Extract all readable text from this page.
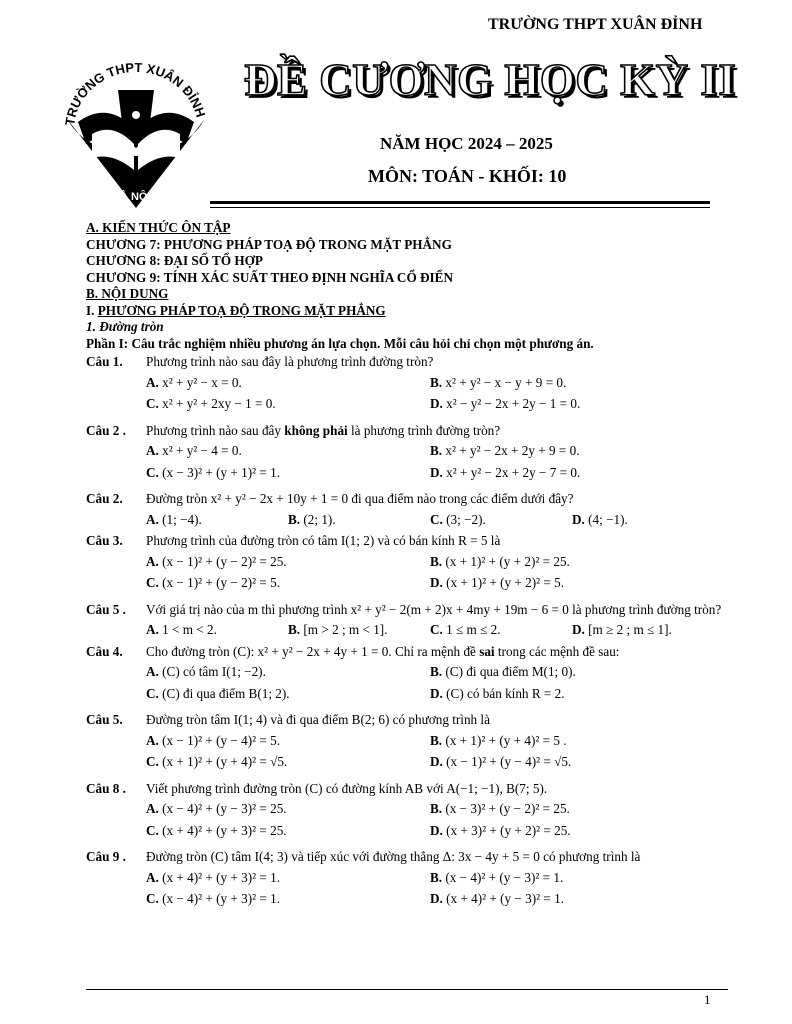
TRƯỜNG THPT XUÂN ĐỈNH
TRƯỜNG THPT XUÂN ĐỈNH
HÀ NỘI
ĐỀ CƯƠNG HỌC KỲ II
NĂM HỌC 2024 – 2025
MÔN: TOÁN - KHỐI: 10
A. KIẾN THỨC ÔN TẬP
CHƯƠNG 7: PHƯƠNG PHÁP TOẠ ĐỘ TRONG MẶT PHẲNG
CHƯƠNG 8: ĐẠI SỐ TỔ HỢP
CHƯƠNG 9: TÍNH XÁC SUẤT THEO ĐỊNH NGHĨA CỔ ĐIỂN
B. NỘI DUNG
I. PHƯƠNG PHÁP TOẠ ĐỘ TRONG MẶT PHẲNG
1. Đường tròn
Phần I: Câu trắc nghiệm nhiều phương án lựa chọn. Mỗi câu hỏi chỉ chọn một phương án.
Câu 1. Phương trình nào sau đây là phương trình đường tròn?
A. x² + y² − x = 0.	B. x² + y² − x − y + 9 = 0.
C. x² + y² + 2xy − 1 = 0.	D. x² − y² − 2x + 2y − 1 = 0.
Câu 2 . Phương trình nào sau đây không phải là phương trình đường tròn?
A. x² + y² − 4 = 0.	B. x² + y² − 2x + 2y + 9 = 0.
C. (x − 3)² + (y + 1)² = 1.	D. x² + y² − 2x + 2y − 7 = 0.
Câu 2. Đường tròn x² + y² − 2x + 10y + 1 = 0 đi qua điểm nào trong các điểm dưới đây?
A. (1; −4).	B. (2; 1).	C. (3; −2).	D. (4; −1).
Câu 3. Phương trình của đường tròn có tâm I(1; 2) và có bán kính R = 5 là
A. (x − 1)² + (y − 2)² = 25.	B. (x + 1)² + (y + 2)² = 25.
C. (x − 1)² + (y − 2)² = 5.	D. (x + 1)² + (y + 2)² = 5.
Câu 5 . Với giá trị nào của m thì phương trình x² + y² − 2(m + 2)x + 4my + 19m − 6 = 0 là phương trình đường tròn?
A. 1 < m < 2.	B. [m > 2 ; m < 1].	C. 1 ≤ m ≤ 2.	D. [m ≥ 2 ; m ≤ 1].
Câu 4. Cho đường tròn (C): x² + y² − 2x + 4y + 1 = 0. Chỉ ra mệnh đề sai trong các mệnh đề sau:
A. (C) có tâm I(1; −2).	B. (C) đi qua điểm M(1; 0).
C. (C) đi qua điểm B(1; 2).	D. (C) có bán kính R = 2.
Câu 5. Đường tròn tâm I(1; 4) và đi qua điểm B(2; 6) có phương trình là
A. (x − 1)² + (y − 4)² = 5.	B. (x + 1)² + (y + 4)² = 5 .
C. (x + 1)² + (y + 4)² = √5.	D. (x − 1)² + (y − 4)² = √5.
Câu 8 . Viết phương trình đường tròn (C) có đường kính AB với A(−1; −1), B(7; 5).
A. (x − 4)² + (y − 3)² = 25.	B. (x − 3)² + (y − 2)² = 25.
C. (x + 4)² + (y + 3)² = 25.	D. (x + 3)² + (y + 2)² = 25.
Câu 9 . Đường tròn (C) tâm I(4; 3) và tiếp xúc với đường thẳng Δ: 3x − 4y + 5 = 0 có phương trình là
A. (x + 4)² + (y + 3)² = 1.	B. (x − 4)² + (y − 3)² = 1.
C. (x − 4)² + (y + 3)² = 1.	D. (x + 4)² + (y − 3)² = 1.
1
